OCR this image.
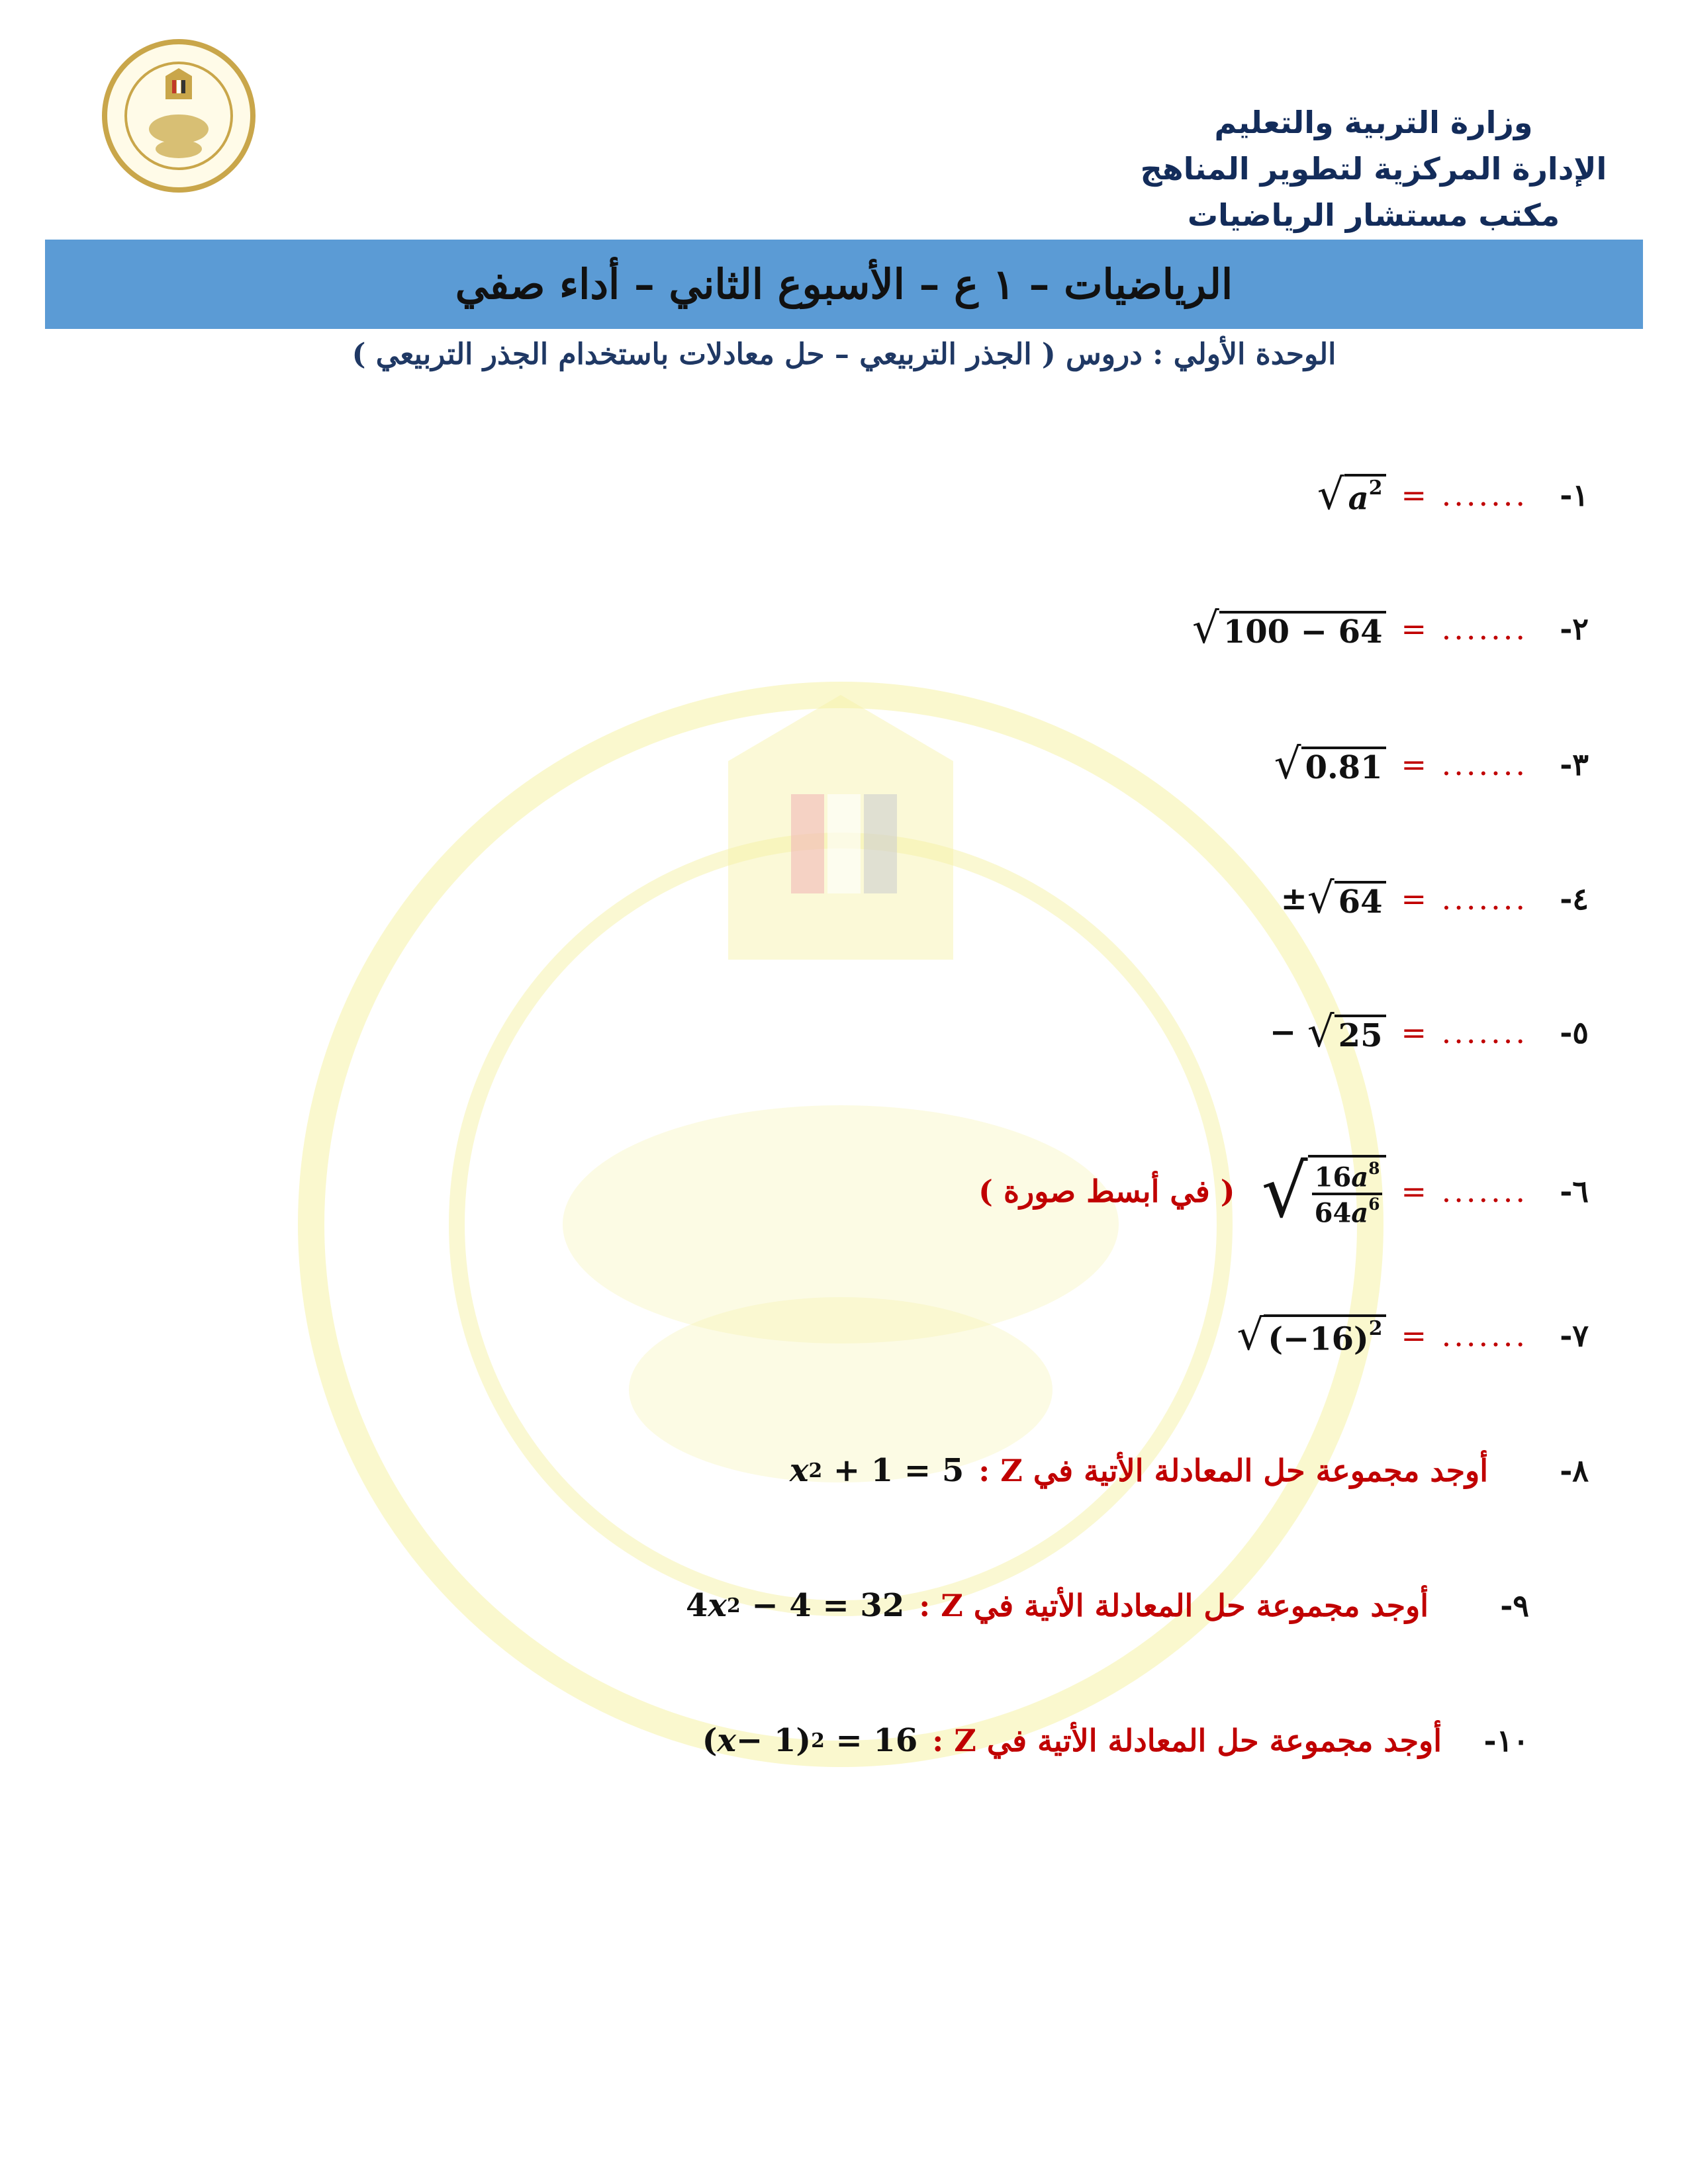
وزارة التربية والتعليم
الإدارة المركزية لتطوير المناهج
مكتب مستشار الرياضيات
الرياضيات – ١ ع – الأسبوع الثاني – أداء صفي
الوحدة الأولي : دروس ( الجذر التربيعي – حل معادلات باستخدام الجذر التربيعي )
١-
= .......
√ $a^2$
٢-
= .......
√ 100 − 64
٣-
= .......
√ 0.81
٤-
= .......
± √ 64
٥-
= .......
− √ 25
٦-
= .......
√ $\frac{16a^8}{64a^6}$
( في أبسط صورة )
٧-
= .......
√ $(-16)^2$
٨-
أوجد مجموعة حل المعادلة الأتية في Z :
x 2 + 1 = 5
٩-
أوجد مجموعة حل المعادلة الأتية في Z :
4 x 2 − 4 = 32
١٠-
أوجد مجموعة حل المعادلة الأتية في Z :
( x − 1) 2 = 16
